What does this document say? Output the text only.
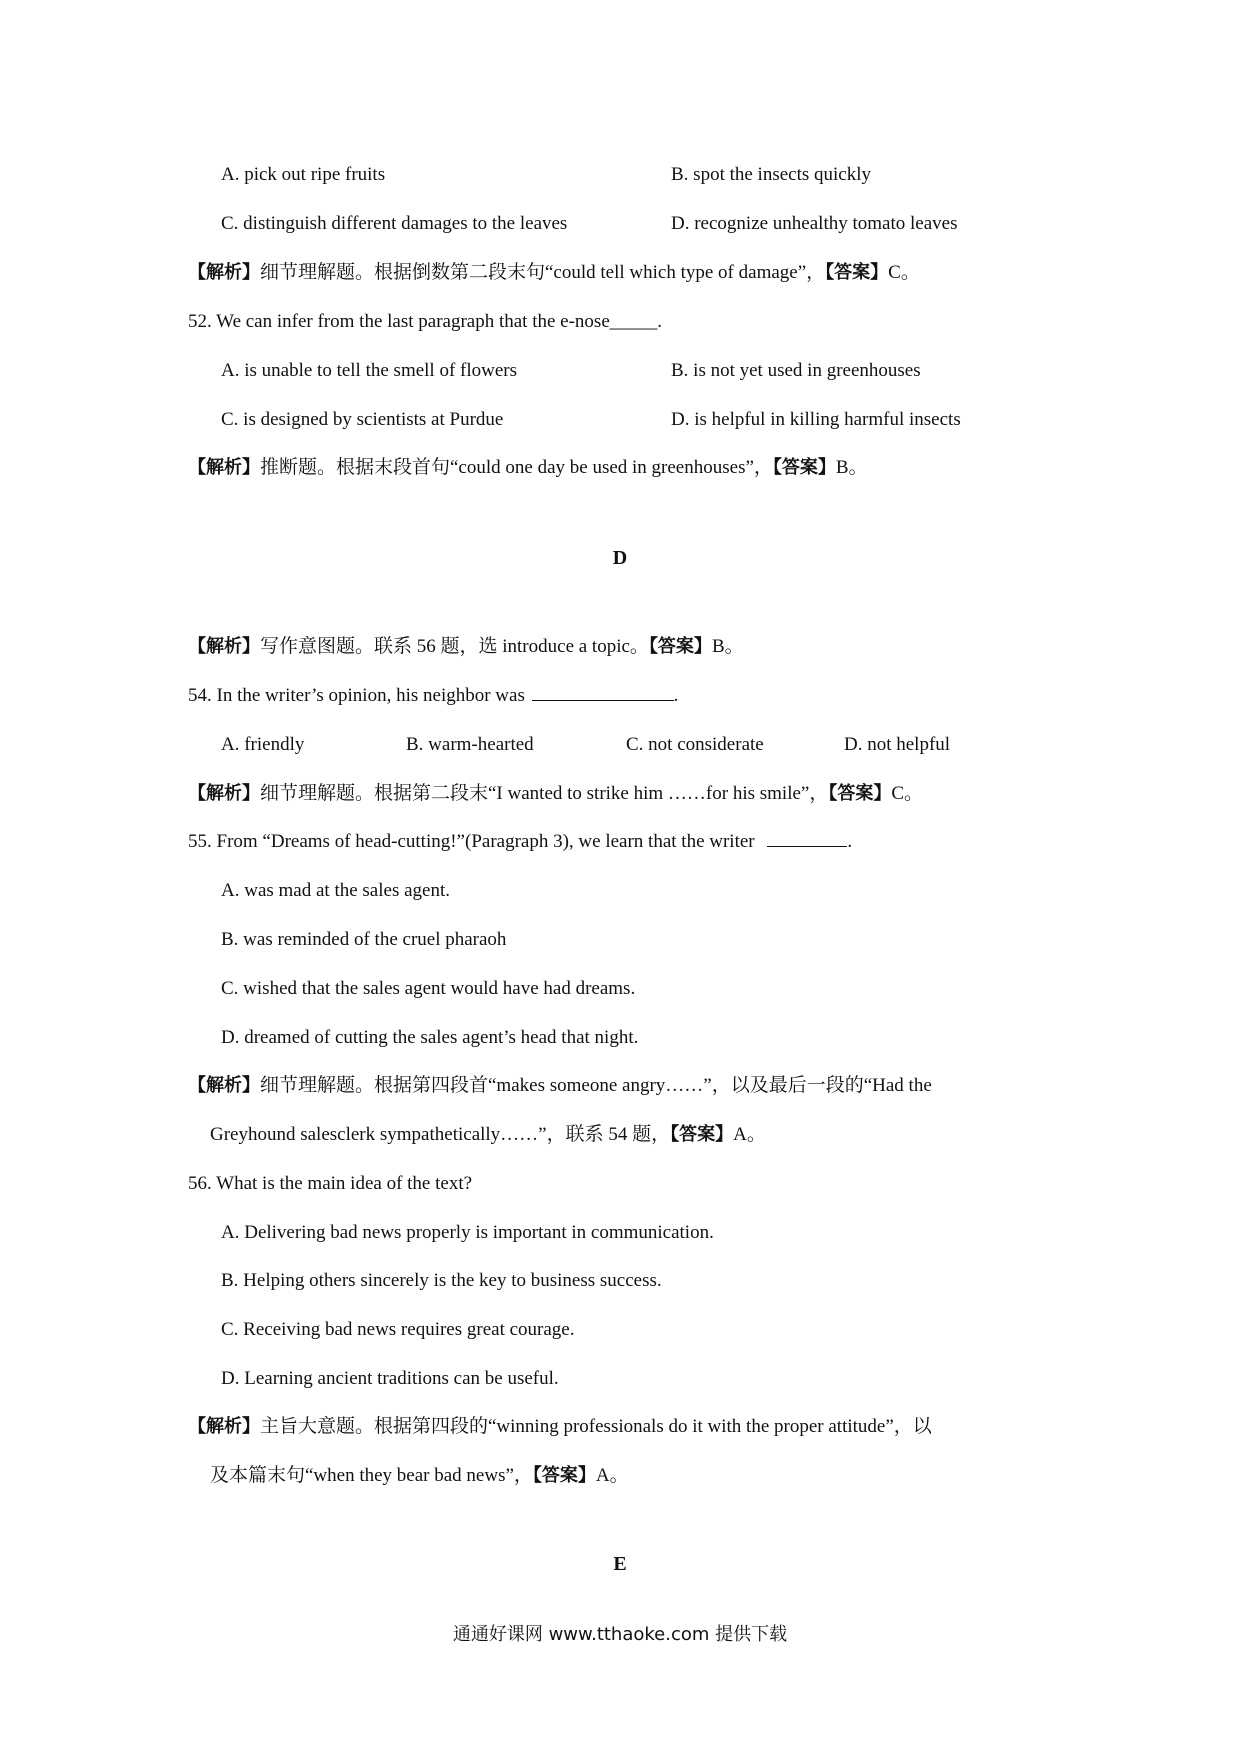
A. pick out ripe fruits	B. spot the insects quickly
C. distinguish different damages to the leaves	D. recognize unhealthy tomato leaves
【解析】细节理解题。根据倒数第二段末句“could tell which type of damage”，【答案】C。
52. We can infer from the last paragraph that the e-nose_____.
A. is unable to tell the smell of flowers	B. is not yet used in greenhouses
C. is designed by scientists at Purdue	D. is helpful in killing harmful insects
【解析】推断题。根据末段首句“could one day be used in greenhouses”，【答案】B。
D
【解析】写作意图题。联系 56 题，选 introduce a topic。【答案】B。
54. In the writer’s opinion, his neighbor was	.
A. friendly	B. warm-hearted	C. not considerate	D. not helpful
【解析】细节理解题。根据第二段末“I wanted to strike him ……for his smile”，【答案】C。
55. From “Dreams of head-cutting!”(Paragraph 3), we learn that the writer	.
A. was mad at the sales agent.
B. was reminded of the cruel pharaoh
C. wished that the sales agent would have had dreams.
D. dreamed of cutting the sales agent’s head that night.
【解析】细节理解题。根据第四段首“makes someone angry……”，以及最后一段的“Had the
Greyhound salesclerk sympathetically……”，联系 54 题，【答案】A。
56. What is the main idea of the text?
A. Delivering bad news properly is important in communication.
B. Helping others sincerely is the key to business success.
C. Receiving bad news requires great courage.
D. Learning ancient traditions can be useful.
【解析】主旨大意题。根据第四段的“winning professionals do it with the proper attitude”，以
及本篇末句“when they bear bad news”，【答案】A。
E
通通好课网 www.tthaoke.com 提供下载
